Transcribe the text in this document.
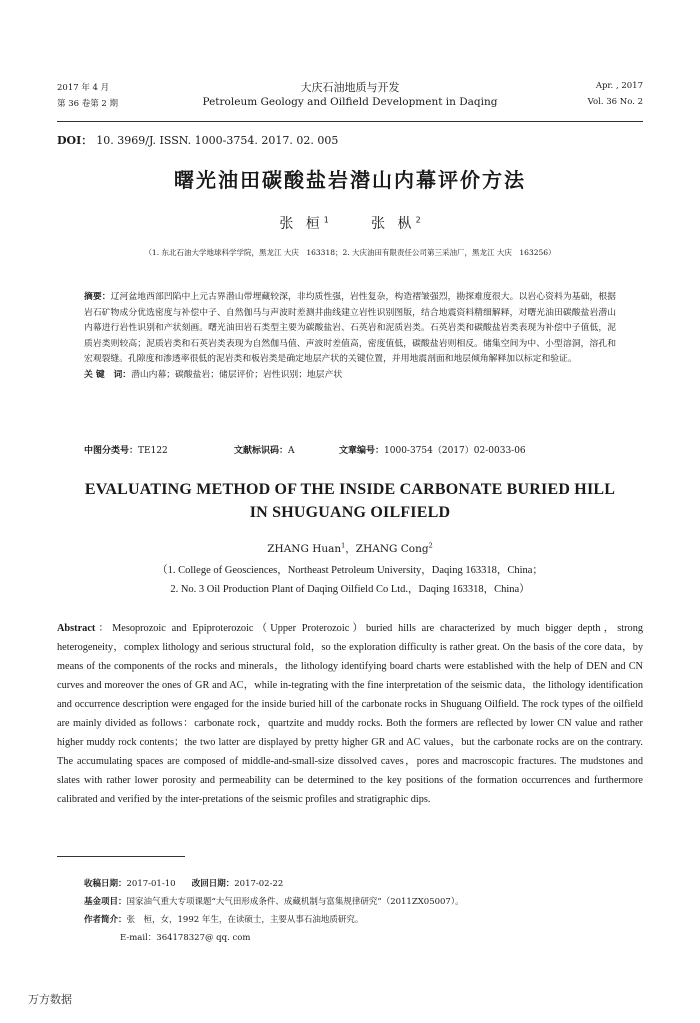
2017 年 4 月
第 36 卷第 2 期
大庆石油地质与开发
Petroleum Geology and Oilfield Development in Daqing
Apr. , 2017
Vol. 36 No. 2
DOI： 10. 3969/J. ISSN. 1000-3754. 2017. 02. 005
曙光油田碳酸盐岩潜山内幕评价方法
张 桓$^1$	张 枞$^2$
（1. 东北石油大学地球科学学院，黑龙江 大庆　163318；2. 大庆油田有限责任公司第三采油厂，黑龙江 大庆　163256）
摘要：辽河盆地西部凹陷中上元古界潜山带埋藏较深，非均质性强，岩性复杂，构造褶皱强烈，勘探难度很大。以岩心资料为基础，根据岩石矿物成分优选密度与补偿中子、自然伽马与声波时差测井曲线建立岩性识别图版，结合地震资料精细解释，对曙光油田碳酸盐岩潜山内幕进行岩性识别和产状刻画。曙光油田岩石类型主要为碳酸盐岩、石英岩和泥质岩类。石英岩类和碳酸盐岩类表现为补偿中子值低，泥质岩类则较高；泥质岩类和石英岩类表现为自然伽马值、声波时差值高，密度值低，碳酸盐岩则相反。储集空间为中、小型溶洞，溶孔和宏观裂缝。孔隙度和渗透率很低的泥岩类和板岩类是确定地层产状的关键位置，并用地震剖面和地层倾角解释加以标定和验证。
关 键　词：潜山内幕；碳酸盐岩；储层评价；岩性识别；地层产状
中图分类号：TE122	文献标识码：A	文章编号：1000-3754（2017）02-0033-06
EVALUATING METHOD OF THE INSIDE CARBONATE BURIED HILL
IN SHUGUANG OILFIELD
ZHANG Huan$^1$，ZHANG Cong$^2$
（1. College of Geosciences，Northeast Petroleum University，Daqing 163318，China；
2. No. 3 Oil Production Plant of Daqing Oilfield Co Ltd.，Daqing 163318，China）
Abstract：Mesoprozoic and Epiproterozoic（Upper Proterozoic）buried hills are characterized by much bigger depth，strong heterogeneity，complex lithology and serious structural fold，so the exploration difficulty is rather great. On the basis of the core data，by means of the components of the rocks and minerals，the lithology identifying board charts were established with the help of DEN and CN curves and moreover the ones of GR and AC，while in-tegrating with the fine interpretation of the seismic data，the lithology identification and occurrence description were engaged for the inside buried hill of the carbonate rocks in Shuguang Oilfield. The rock types of the oilfield are mainly divided as follows：carbonate rock，quartzite and muddy rocks. Both the formers are reflected by lower CN value and rather higher muddy rock contents；the two latter are displayed by pretty higher GR and AC values，but the carbonate rocks are on the contrary. The accumulating spaces are composed of middle-and-small-size dissolved caves，pores and macroscopic fractures. The mudstones and slates with rather lower porosity and permeability can be determined to the key positions of the formation occurrences and furthermore calibrated and verified by the inter-pretations of the seismic profiles and stratigraphic dips.
收稿日期：2017-01-10 改回日期：2017-02-22
基金项目：国家油气重大专项课题“大气田形成条件、成藏机制与富集规律研究”（2011ZX05007）。
作者简介：张　桓，女，1992 年生，在读硕士，主要从事石油地质研究。
E-mail：364178327@ qq. com
万方数据
